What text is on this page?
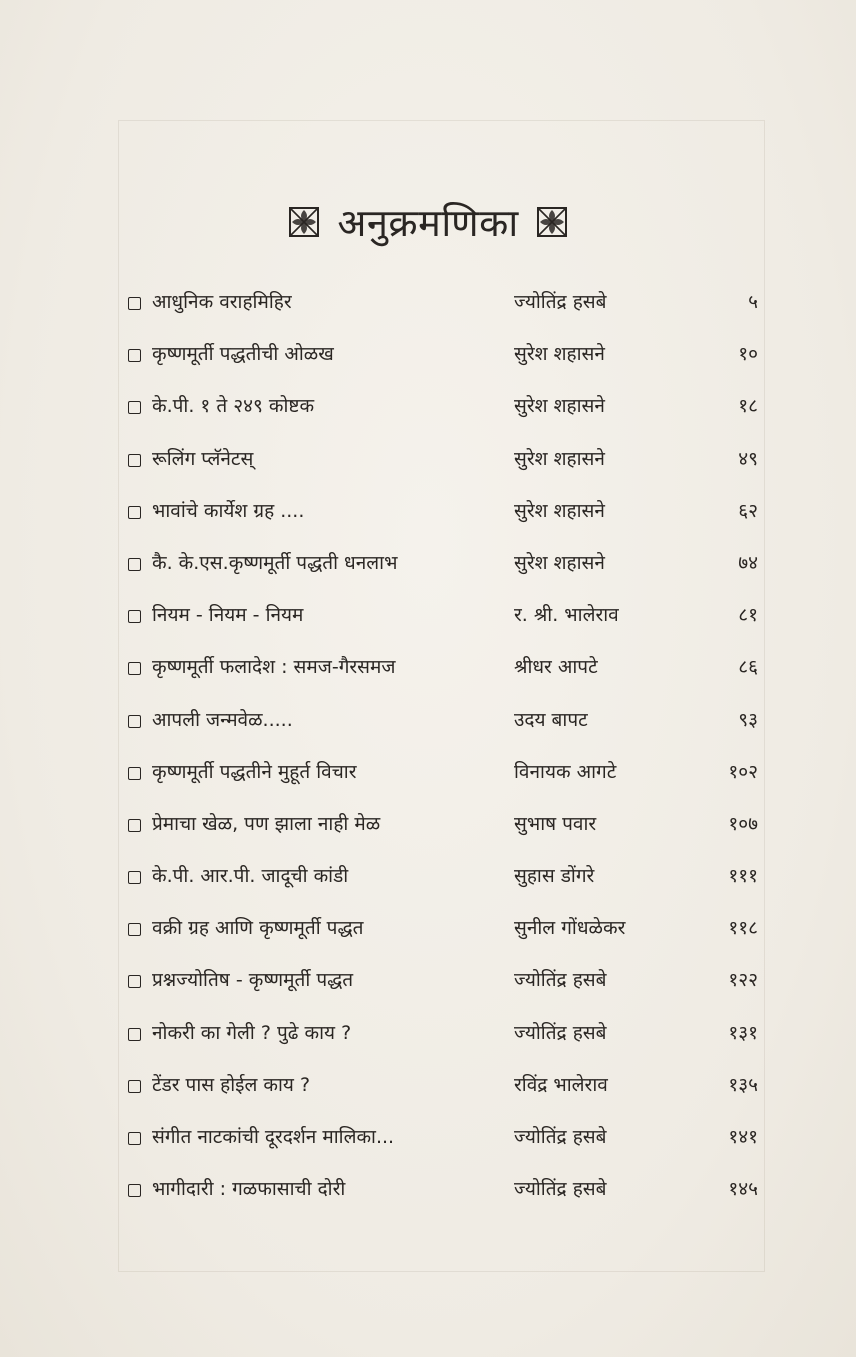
अनुक्रमणिका
आधुनिक वराहमिहिर	ज्योतिंद्र हसबे	५
कृष्णमूर्ती पद्धतीची ओळख	सुरेश शहासने	१०
के.पी. १ ते २४९ कोष्टक	सुरेश शहासने	१८
रूलिंग प्लॅनेटस्	सुरेश शहासने	४९
भावांचे कार्येश ग्रह ....	सुरेश शहासने	६२
कै. के.एस.कृष्णमूर्ती पद्धती धनलाभ	सुरेश शहासने	७४
नियम - नियम - नियम	र. श्री. भालेराव	८१
कृष्णमूर्ती फलादेश : समज-गैरसमज	श्रीधर आपटे	८६
आपली जन्मवेळ.....	उदय बापट	९३
कृष्णमूर्ती पद्धतीने मुहूर्त विचार	विनायक आगटे	१०२
प्रेमाचा खेळ, पण झाला नाही मेळ	सुभाष पवार	१०७
के.पी. आर.पी. जादूची कांडी	सुहास डोंगरे	१११
वक्री ग्रह आणि कृष्णमूर्ती पद्धत	सुनील गोंधळेकर	११८
प्रश्नज्योतिष - कृष्णमूर्ती पद्धत	ज्योतिंद्र हसबे	१२२
नोकरी का गेली ? पुढे काय ?	ज्योतिंद्र हसबे	१३१
टेंडर पास होईल काय ?	रविंद्र भालेराव	१३५
संगीत नाटकांची दूरदर्शन मालिका...	ज्योतिंद्र हसबे	१४१
भागीदारी : गळफासाची दोरी	ज्योतिंद्र हसबे	१४५
